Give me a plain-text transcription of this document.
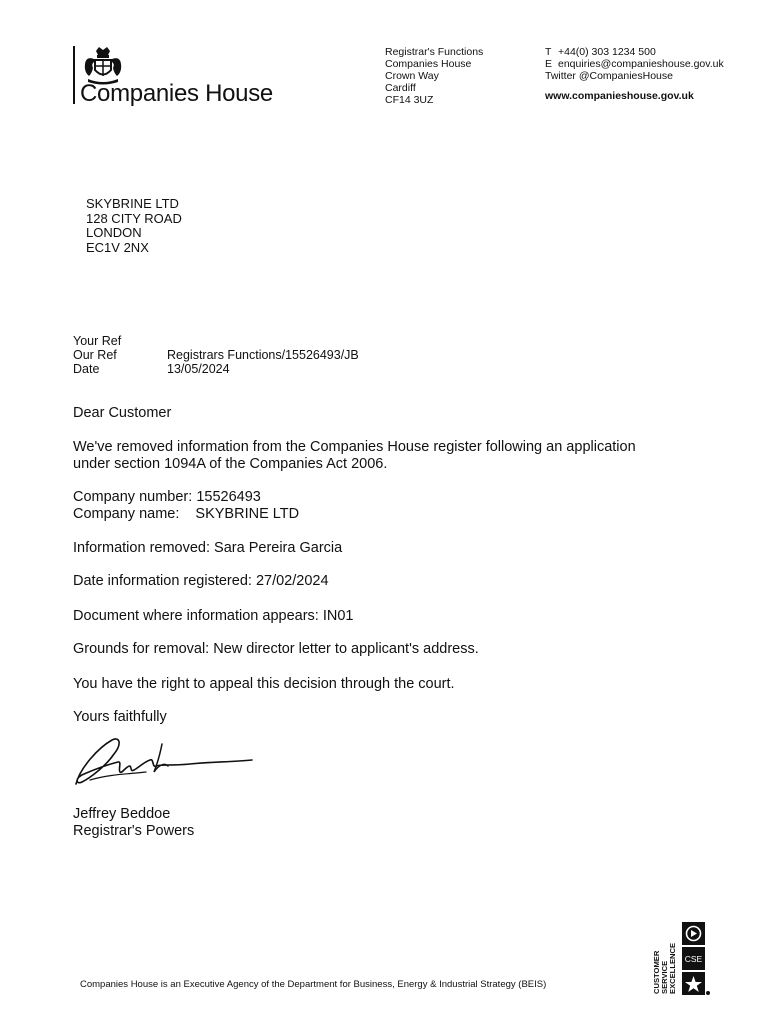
Companies House
Registrar's Functions
Companies House
Crown Way
Cardiff
CF14 3UZ
T +44(0) 303 1234 500
E enquiries@companieshouse.gov.uk
Twitter @CompaniesHouse
www.companieshouse.gov.uk
SKYBRINE LTD
128 CITY ROAD
LONDON
EC1V 2NX
Your Ref
Our Ref	Registrars Functions/15526493/JB
Date	13/05/2024
Dear Customer
We've removed information from the Companies House register following an application
under section 1094A of the Companies Act 2006.
Company number: 15526493
Company name: SKYBRINE LTD
Information removed: Sara Pereira Garcia
Date information registered: 27/02/2024
Document where information appears: IN01
Grounds for removal: New director letter to applicant's address.
You have the right to appeal this decision through the court.
Yours faithfully
Jeffrey Beddoe
Registrar's Powers
Companies House is an Executive Agency of the Department for Business, Energy & Industrial Strategy (BEIS)	CUSTOMER SERVICE EXCELLENCE CSE
